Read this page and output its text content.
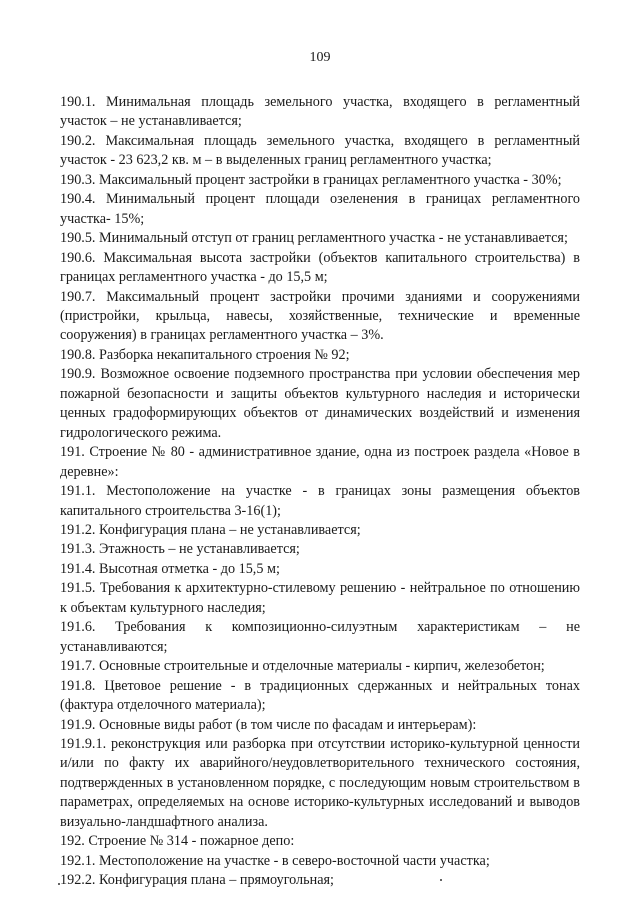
109

190.1. Минимальная площадь земельного участка, входящего в регламентный участок – не устанавливается;

190.2. Максимальная площадь земельного участка, входящего в регламентный участок - 23 623,2 кв. м – в выделенных границ регламентного участка;

190.3. Максимальный процент застройки в границах регламентного участка - 30%;

190.4. Минимальный процент площади озеленения в границах регламентного участка- 15%;

190.5. Минимальный отступ от границ регламентного участка - не устанавливается;

190.6. Максимальная высота застройки (объектов капитального строительства) в границах регламентного участка - до 15,5 м;

190.7. Максимальный процент застройки прочими зданиями и сооружениями (пристройки, крыльца, навесы, хозяйственные, технические и временные сооружения) в границах регламентного участка – 3%.

190.8. Разборка некапитального строения № 92;

190.9. Возможное освоение подземного пространства при условии обеспечения мер пожарной безопасности и защиты объектов культурного наследия и исторически ценных градоформирующих объектов от динамических воздействий и изменения гидрологического режима.

191. Строение № 80 - административное здание, одна из построек раздела «Новое в деревне»:

191.1. Местоположение на участке - в границах зоны размещения объектов капитального строительства 3-16(1);

191.2. Конфигурация плана – не устанавливается;

191.3. Этажность – не устанавливается;

191.4. Высотная отметка - до 15,5 м;

191.5. Требования к архитектурно-стилевому решению - нейтральное по отношению к объектам культурного наследия;

191.6. Требования к композиционно-силуэтным характеристикам – не устанавливаются;

191.7. Основные строительные и отделочные материалы - кирпич, железобетон;

191.8. Цветовое решение - в традиционных сдержанных и нейтральных тонах (фактура отделочного материала);

191.9. Основные виды работ (в том числе по фасадам и интерьерам):

191.9.1. реконструкция или разборка при отсутствии историко-культурной ценности и/или по факту их аварийного/неудовлетворительного технического состояния, подтвержденных в установленном порядке, с последующим новым строительством в параметрах, определяемых на основе историко-культурных исследований и выводов визуально-ландшафтного анализа.

192. Строение № 314 - пожарное депо:

192.1. Местоположение на участке - в северо-восточной части участка;

192.2. Конфигурация плана – прямоугольная;
